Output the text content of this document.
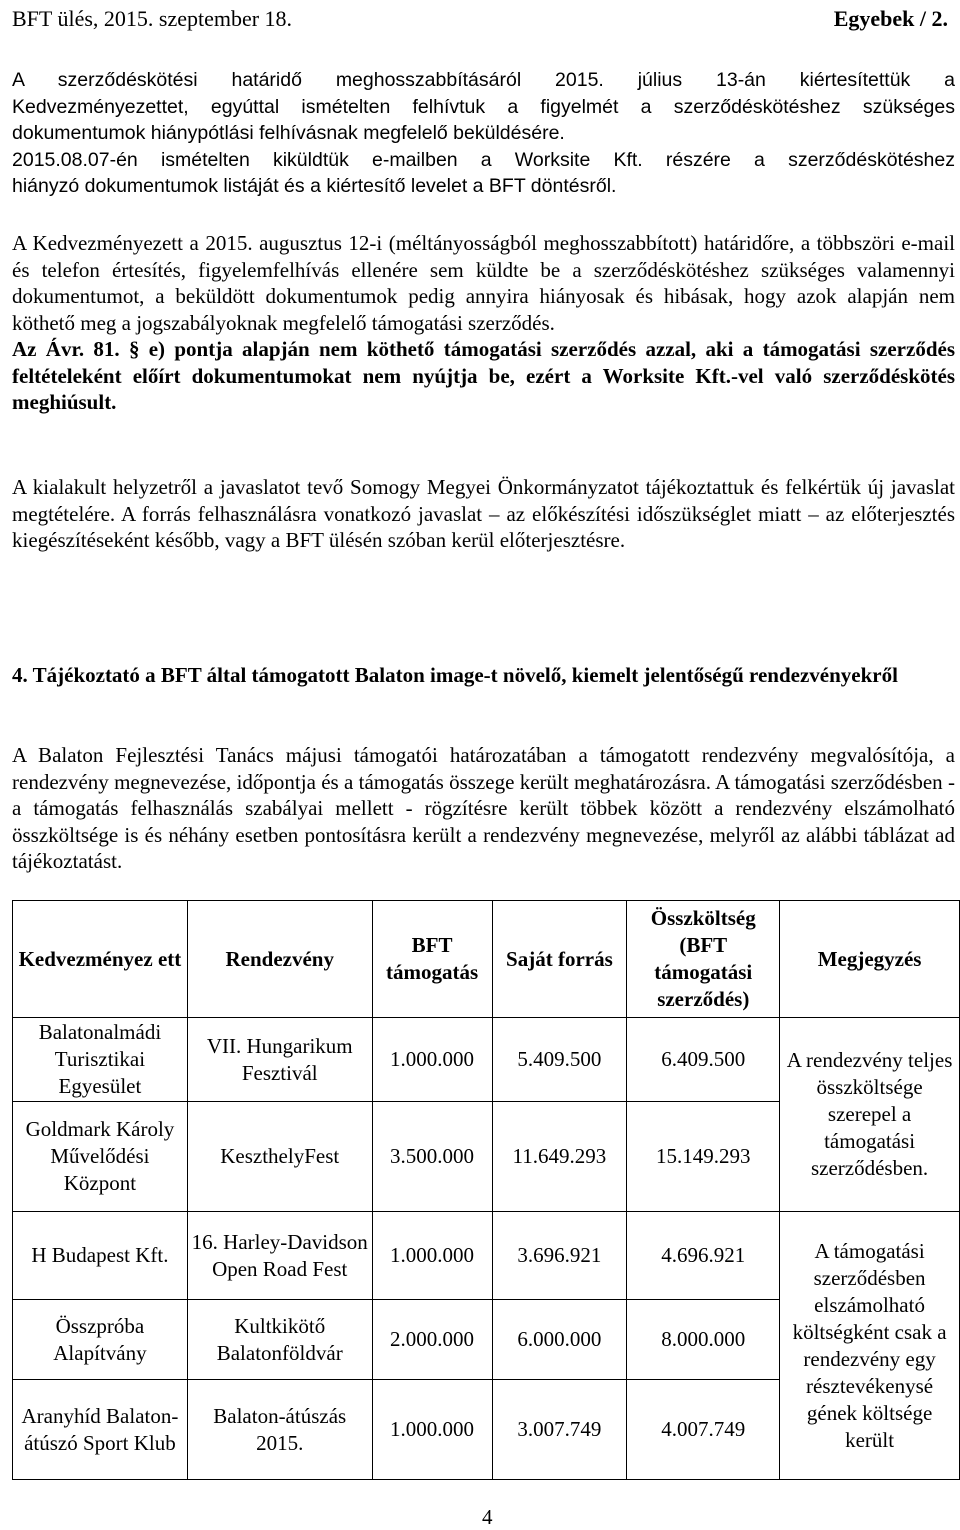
BFT ülés, 2015. szeptember 18.	Egyebek / 2.

A szerződéskötési határidő meghosszabbításáról 2015. július 13-án kiértesítettük a

Kedvezményezettet, egyúttal ismételten felhívtuk a figyelmét a szerződéskötéshez szükséges

dokumentumok hiánypótlási felhívásnak megfelelő beküldésére.

2015.08.07-én ismételten kiküldtük e-mailben a Worksite Kft. részére a szerződéskötéshez

hiányzó dokumentumok listáját és a kiértesítő levelet a BFT döntésről.

A Kedvezményezett a 2015. augusztus 12-i (méltányosságból meghosszabbított) határidőre, a többszöri e-mail és telefon értesítés, figyelemfelhívás ellenére sem küldte be a szerződéskötéshez szükséges valamennyi dokumentumot, a beküldött dokumentumok pedig annyira hiányosak és hibásak, hogy azok alapján nem köthető meg a jogszabályoknak megfelelő támogatási szerződés.

Az Ávr. 81. § e) pontja alapján nem köthető támogatási szerződés azzal, aki a támogatási szerződés feltételeként előírt dokumentumokat nem nyújtja be, ezért a Worksite Kft.-vel való szerződéskötés meghiúsult.

A kialakult helyzetről a javaslatot tevő Somogy Megyei Önkormányzatot tájékoztattuk és felkértük új javaslat megtételére. A forrás felhasználásra vonatkozó javaslat – az előkészítési időszükséglet miatt – az előterjesztés kiegészítéseként később, vagy a BFT ülésén szóban kerül előterjesztésre.

4. Tájékoztató a BFT által támogatott Balaton image-t növelő, kiemelt jelentőségű rendezvényekről

A Balaton Fejlesztési Tanács májusi támogatói határozatában a támogatott rendezvény megvalósítója, a rendezvény megnevezése, időpontja és a támogatás összege került meghatározásra. A támogatási szerződésben - a támogatás felhasználás szabályai mellett - rögzítésre került többek között a rendezvény elszámolható összköltsége is és néhány esetben pontosításra került a rendezvény megnevezése, melyről az alábbi táblázat ad tájékoztatást.

Kedvezményez ett	Rendezvény	BFT támogatás	Saját forrás	Összköltség (BFT támogatási szerződés)	Megjegyzés
Balatonalmádi Turisztikai Egyesület	VII. Hungarikum Fesztivál	1.000.000	5.409.500	6.409.500	A rendezvény teljes összköltsége szerepel a támogatási szerződésben.
Goldmark Károly Művelődési Központ	KeszthelyFest	3.500.000	11.649.293	15.149.293	
H Budapest Kft.	16. Harley-Davidson Open Road Fest	1.000.000	3.696.921	4.696.921	A támogatási szerződésben elszámolható költségként csak a rendezvény egy résztevékenysé gének költsége került
Összpróba Alapítvány	Kultkikötő Balatonföldvár	2.000.000	6.000.000	8.000.000	
Aranyhíd Balaton-átúszó Sport Klub	Balaton-átúszás 2015.	1.000.000	3.007.749	4.007.749	
4
